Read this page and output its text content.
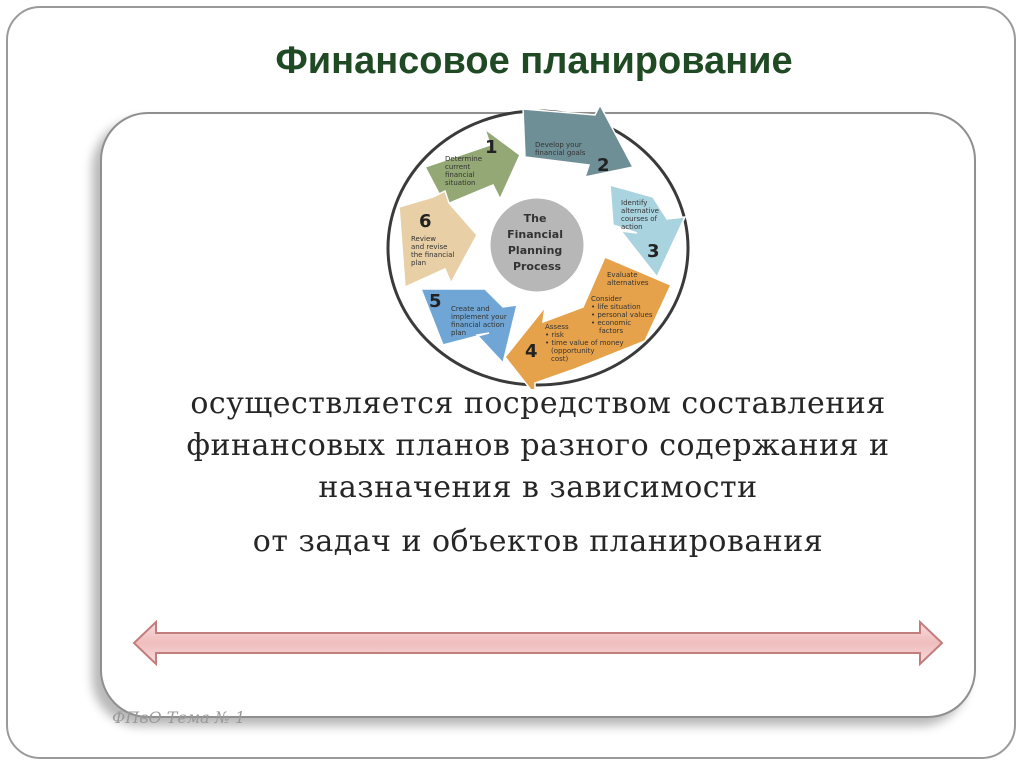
Финансовое планирование
The Financial Planning Process
1
Determine current financial situation
2
Develop your financial goals
3
Identify alternative courses of action
4
Evaluate alternatives Consider • life situation • personal values • economic factors Assess • risk • time value of money (opportunity cost)
5 Create and implement your financial action plan
6
Review and revise the financial plan

осуществляется посредством составления финансовых планов разного содержания и назначения в зависимости

от задач и объектов планирования

ФПвО Тема № 1
